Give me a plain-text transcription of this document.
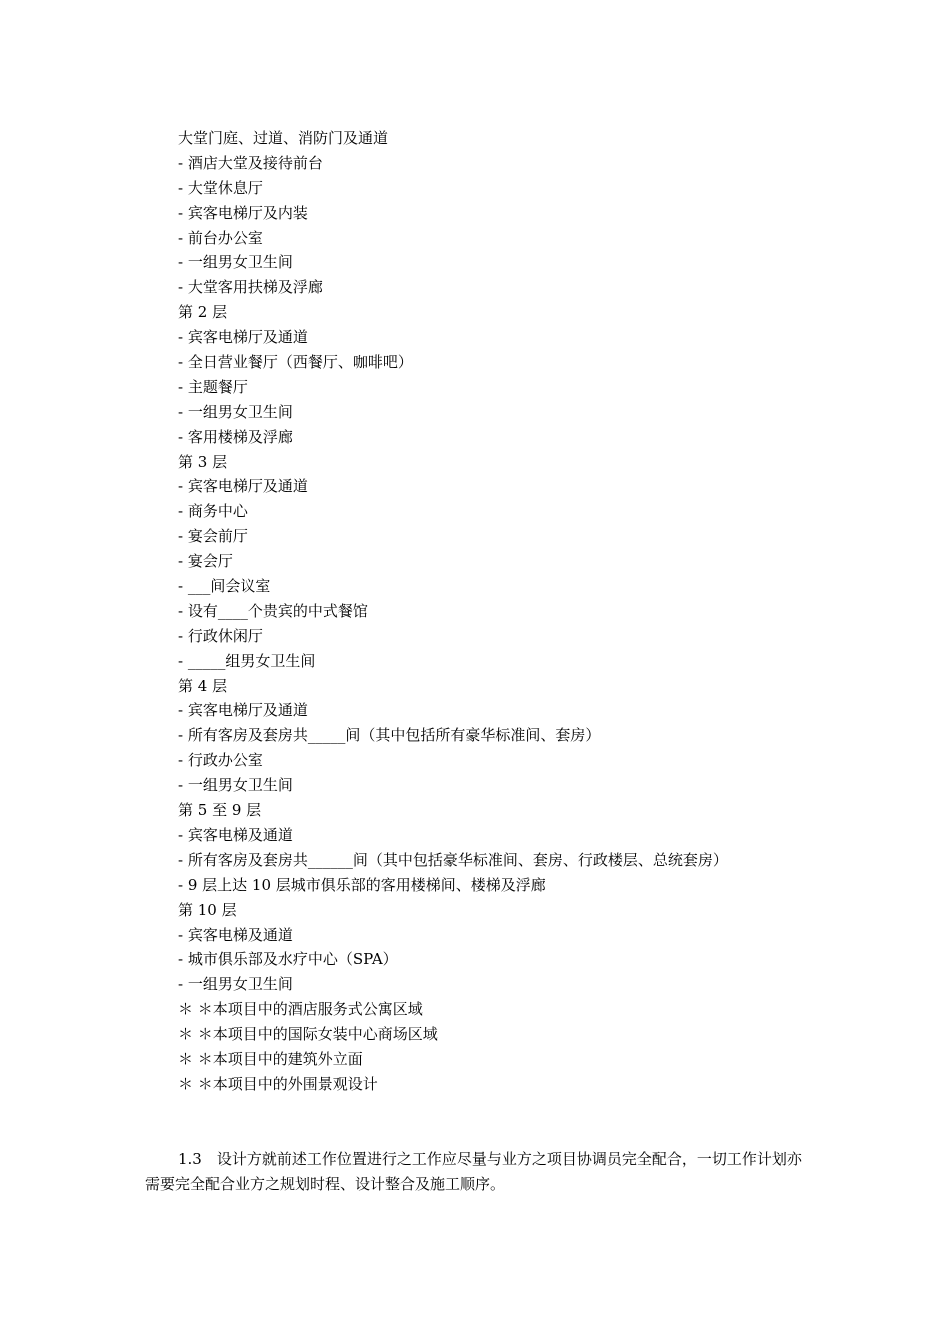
大堂门庭、过道、消防门及通道
- 酒店大堂及接待前台
- 大堂休息厅
- 宾客电梯厅及内装
- 前台办公室
- 一组男女卫生间
- 大堂客用扶梯及浮廊
第 2 层
- 宾客电梯厅及通道
- 全日营业餐厅（西餐厅、咖啡吧）
- 主题餐厅
- 一组男女卫生间
- 客用楼梯及浮廊
第 3 层
- 宾客电梯厅及通道
- 商务中心
- 宴会前厅
- 宴会厅
- ___间会议室
- 设有____个贵宾的中式餐馆
- 行政休闲厅
- _____组男女卫生间
第 4 层
- 宾客电梯厅及通道
- 所有客房及套房共_____间（其中包括所有豪华标准间、套房）
- 行政办公室
- 一组男女卫生间
第 5 至 9 层
- 宾客电梯及通道
- 所有客房及套房共______间（其中包括豪华标准间、套房、行政楼层、总统套房）
- 9 层上达 10 层城市俱乐部的客用楼梯间、楼梯及浮廊
第 10 层
- 宾客电梯及通道
- 城市俱乐部及水疗中心（SPA）
- 一组男女卫生间
＊ ＊本项目中的酒店服务式公寓区域
＊ ＊本项目中的国际女装中心商场区域
＊ ＊本项目中的建筑外立面
＊ ＊本项目中的外围景观设计
1.3　设计方就前述工作位置进行之工作应尽量与业方之项目协调员完全配合，一切工作计划亦需要完全配合业方之规划时程、设计整合及施工顺序。
